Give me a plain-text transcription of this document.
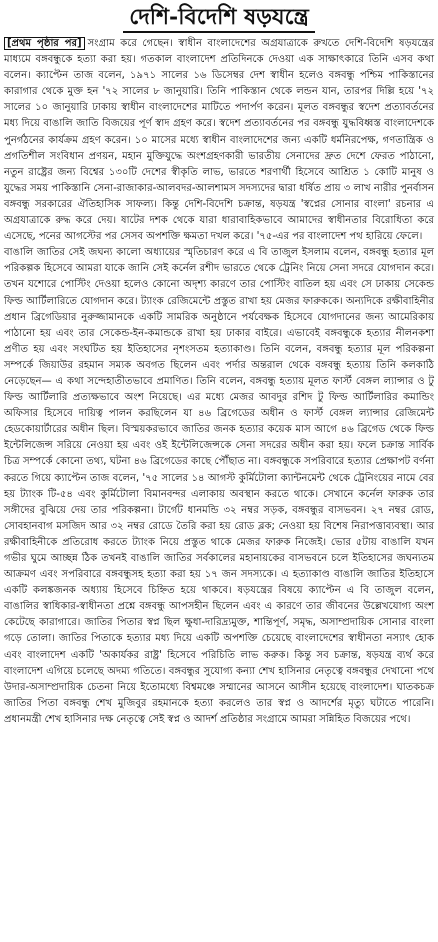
দেশি-বিদেশি ষড়যন্ত্রে

[প্রথম পৃষ্ঠার পর] সংগ্রাম করে গেছেন। স্বাধীন বাংলাদেশের অগ্রযাত্রাকে রুখতে দেশি-বিদেশি ষড়যন্ত্রের মাধ্যমে বঙ্গবন্ধুকে হত্যা করা হয়। গতকাল বাংলাদেশ প্রতিদিনকে দেওয়া এক সাক্ষাৎকারে তিনি এসব কথা বলেন। ক্যাপ্টেন তাজ বলেন, ১৯৭১ সালের ১৬ ডিসেম্বর দেশ স্বাধীন হলেও বঙ্গবন্ধু পশ্চিম পাকিস্তানের কারাগার থেকে মুক্ত হন '৭২ সালের ৮ জানুয়ারি। তিনি পাকিস্তান থেকে লন্ডন যান, তারপর দিল্লি হয়ে '৭২ সালের ১০ জানুয়ারি ঢাকায় স্বাধীন বাংলাদেশের মাটিতে পদার্পণ করেন। মূলত বঙ্গবন্ধুর স্বদেশ প্রত্যাবর্তনের মধ্য দিয়ে বাঙালি জাতি বিজয়ের পূর্ণ স্বাদ গ্রহণ করে। স্বদেশ প্রত্যাবর্তনের পর বঙ্গবন্ধু যুদ্ধবিধ্বস্ত বাংলাদেশকে পুনর্গঠনের কার্যক্রম গ্রহণ করেন। ১০ মাসের মধ্যে স্বাধীন বাংলাদেশের জন্য একটি ধর্মনিরপেক্ষ, গণতান্ত্রিক ও প্রগতিশীল সংবিধান প্রণয়ন, মহান মুক্তিযুদ্ধে অংশগ্রহণকারী ভারতীয় সেনাদের দ্রুত দেশে ফেরত পাঠানো, নতুন রাষ্ট্রের জন্য বিশ্বের ১৩০টি দেশের স্বীকৃতি লাভ, ভারতে শরণার্থী হিসেবে আশ্রিত ১ কোটি মানুষ ও যুদ্ধের সময় পাকিস্তানি সেনা-রাজাকার-আলবদর-আলশামস সদস্যদের দ্বারা ধর্ষিত প্রায় ৩ লাখ নারীর পুনর্বাসন বঙ্গবন্ধু সরকারের ঐতিহাসিক সাফল্য। কিন্তু দেশি-বিদেশি চক্রান্ত, ষড়যন্ত্র 'স্বপ্নের সোনার বাংলা' রচনার এ অগ্রযাত্রাকে রুদ্ধ করে দেয়। ষাটের দশক থেকে যারা ধারাবাহিকভাবে আমাদের স্বাধীনতার বিরোধিতা করে এসেছে, পনের আগস্টের পর সেসব অপশক্তি ক্ষমতা দখল করে। '৭৫-এর পর বাংলাদেশ পথ হারিয়ে ফেলে।

বাঙালি জাতির সেই জঘন্য কালো অধ্যায়ের স্মৃতিচারণ করে এ বি তাজুল ইসলাম বলেন, বঙ্গবন্ধু হত্যার মূল পরিকল্পক হিসেবে আমরা যাকে জানি সেই কর্নেল রশীদ ভারতে থেকে ট্রেনিং নিয়ে সেনা সদরে যোগদান করে। তখন যশোরে পোস্টিং দেওয়া হলেও কোনো অদৃশ্য কারণে তার পোস্টিং বাতিল হয় এবং সে ঢাকায় সেকেন্ড ফিল্ড আর্টিলারিতে যোগদান করে। ট্যাংক রেজিমেন্টে প্রস্তুত রাখা হয় মেজর ফারুককে। অন্যদিকে রক্ষীবাহিনীর প্রধান ব্রিগেডিয়ার নুরুজ্জামানকে একটি সামরিক অনুষ্ঠানে পর্যবেক্ষক হিসেবে যোগদানের জন্য আমেরিকায় পাঠানো হয় এবং তার সেকেন্ড-ইন-কমান্ডকে রাখা হয় ঢাকার বাইরে। এভাবেই বঙ্গবন্ধুকে হত্যার নীলনকশা প্রণীত হয় এবং সংঘটিত হয় ইতিহাসের নৃশংসতম হত্যাকাণ্ড। তিনি বলেন, বঙ্গবন্ধু হত্যার মূল পরিকল্পনা সম্পর্কে জিয়াউর রহমান সম্যক অবগত ছিলেন এবং পর্দার অন্তরাল থেকে বঙ্গবন্ধু হত্যায় তিনি কলকাঠি নেড়েছেন— এ কথা সন্দেহাতীতভাবে প্রমাণিত। তিনি বলেন, বঙ্গবন্ধু হত্যায় মূলত ফার্স্ট বেঙ্গল ল্যান্সার ও টু ফিল্ড আর্টিলারি প্রত্যক্ষভাবে অংশ নিয়েছে। এর মধ্যে মেজর আবদুর রশিদ টু ফিল্ড আর্টিলারির কমান্ডিং অফিসার হিসেবে দায়িত্ব পালন করছিলেন যা ৪৬ ব্রিগেডের অধীন ও ফার্স্ট বেঙ্গল ল্যান্সার রেজিমেন্ট হেডকোয়ার্টারের অধীন ছিল। বিস্ময়করভাবে জাতির জনক হত্যার কয়েক মাস আগে ৪৬ ব্রিগেড থেকে ফিল্ড ইন্টেলিজেন্স সরিয়ে নেওয়া হয় এবং ওই ইন্টেলিজেন্সকে সেনা সদরের অধীন করা হয়। ফলে চক্রান্ত সার্বিক চিত্র সম্পর্কে কোনো তথ্য, ঘটনা ৪৬ ব্রিগেডের কাছে পৌঁছাত না। বঙ্গবন্ধুকে সপরিবারে হত্যার প্রেক্ষাপট বর্ণনা করতে গিয়ে ক্যাপ্টেন তাজ বলেন, '৭৫ সালের ১৪ আগস্ট কুর্মিটোলা ক্যান্টনমেন্ট থেকে ট্রেনিংয়ের নামে বের হয় ট্যাংক টি-৫৪ এবং কুর্মিটোলা বিমানবন্দর এলাকায় অবস্থান করতে থাকে। সেখানে কর্নেল ফারুক তার সঙ্গীদের বুঝিয়ে দেয় তার পরিকল্পনা। টার্গেট ধানমন্ডি ৩২ নম্বর সড়ক, বঙ্গবন্ধুর বাসভবন। ২৭ নম্বর রোড, সোবহানবাগ মসজিদ আর ৩২ নম্বর রোডে তৈরি করা হয় রোড ব্লক; নেওয়া হয় বিশেষ নিরাপত্তাব্যবস্থা। আর রক্ষীবাহিনীকে প্রতিরোধ করতে ট্যাংক নিয়ে প্রস্তুত থাকে মেজর ফারুক নিজেই। ভোর ৫টায় বাঙালি যখন গভীর ঘুমে আচ্ছন্ন ঠিক তখনই বাঙালি জাতির সর্বকালের মহানায়কের বাসভবনে চলে ইতিহাসের জঘন্যতম আক্রমণ এবং সপরিবারে বঙ্গবন্ধুসহ হত্যা করা হয় ১৭ জন সদস্যকে। এ হত্যাকাণ্ড বাঙালি জাতির ইতিহাসে একটি কলঙ্কজনক অধ্যায় হিসেবে চিহ্নিত হয়ে থাকবে। ষড়যন্ত্রের বিষয়ে ক্যাপ্টেন এ বি তাজুল বলেন, বাঙালির স্বাধিকার-স্বাধীনতা প্রশ্নে বঙ্গবন্ধু আপসহীন ছিলেন এবং এ কারণে তার জীবনের উল্লেখযোগ্য অংশ কেটেছে কারাগারে। জাতির পিতার স্বপ্ন ছিল ক্ষুধা-দারিদ্র্যমুক্ত, শান্তিপূর্ণ, সমৃদ্ধ, অসাম্প্রদায়িক সোনার বাংলা গড়ে তোলা। জাতির পিতাকে হত্যার মধ্য দিয়ে একটি অপশক্তি চেয়েছে বাংলাদেশের স্বাধীনতা নস্যাৎ হোক এবং বাংলাদেশ একটি 'অকার্যকর রাষ্ট্র' হিসেবে পরিচিতি লাভ করুক। কিন্তু সব চক্রান্ত, ষড়যন্ত্র ব্যর্থ করে বাংলাদেশ এগিয়ে চলেছে অদম্য গতিতে। বঙ্গবন্ধুর সুযোগ্য কন্যা শেখ হাসিনার নেতৃত্বে বঙ্গবন্ধুর দেখানো পথে উদার-অসাম্প্রদায়িক চেতনা নিয়ে ইতোমধ্যে বিশ্বমঞ্চে সম্মানের আসনে আসীন হয়েছে বাংলাদেশ। ঘাতকচক্র জাতির পিতা বঙ্গবন্ধু শেখ মুজিবুর রহমানকে হত্যা করলেও তার স্বপ্ন ও আদর্শের মৃত্যু ঘটাতে পারেনি। প্রধানমন্ত্রী শেখ হাসিনার দক্ষ নেতৃত্বে সেই স্বপ্ন ও আদর্শ প্রতিষ্ঠার সংগ্রামে আমরা সন্নিহিত বিজয়ের পথে।
